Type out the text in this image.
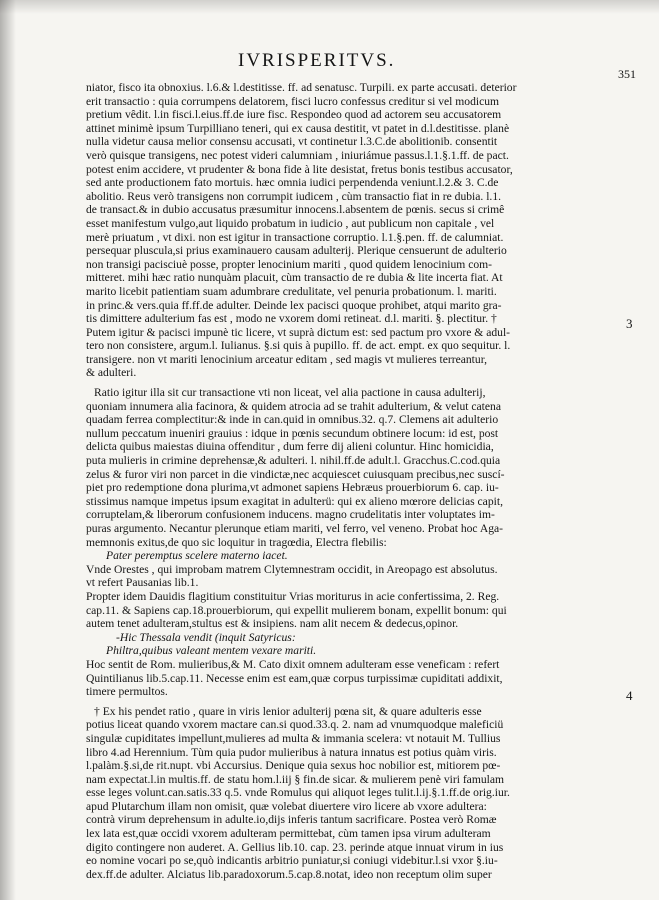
IVRISPERITVS.
351
3
4
niator, fisco ita obnoxius. l.6.& l.destitisse. ff. ad senatusc. Turpili. ex parte accusati. deterior
erit transactio : quia corrumpens delatorem, fisci lucro confessus creditur si vel modicum
pretium vêdit. l.in fisci.l.eius.ff.de iure fisc. Respondeo quod ad actorem seu accusatorem
attinet minimè ipsum Turpilliano teneri, qui ex causa destitit, vt patet in d.l.destitisse. planè
nulla videtur causa melior consensu accusati, vt continetur l.3.C.de abolitionib. consentit
verò quisque transigens, nec potest videri calumniam , iniuriámue passus.l.1.§.1.ff. de pact.
potest enim accidere, vt prudenter & bona fide à lite desistat, fretus bonis testibus accusator,
sed ante productionem fato mortuis. hæc omnia iudici perpendenda veniunt.l.2.& 3. C.de
abolitio. Reus verò transigens non corrumpit iudicem , cùm transactio fiat in re dubia. l.1.
de transact.& in dubio accusatus præsumitur innocens.l.absentem de pœnis. secus si crimê
esset manifestum vulgo,aut liquido probatum in iudicio , aut publicum non capitale , vel
merè priuatum , vt dixi. non est igitur in transactione corruptio. l.1.§.pen. ff. de calumniat.
persequar pluscula,si prius examinauero causam adulterij. Plerique censuerunt de adulterio
non transigi pacisciuè posse, propter lenocinium mariti , quod quidem lenocinium com-
mitteret. mihi hæc ratio nunquàm placuit, cùm transactio de re dubia & lite incerta fiat. At
marito licebit patientiam suam adumbrare credulitate, vel penuria probationum. l. mariti.
in princ.& vers.quia ff.ff.de adulter. Deinde lex pacisci quoque prohibet, atqui marito gra-
tis dimittere adulterium fas est , modo ne vxorem domi retineat. d.l. mariti. §. plectitur. †
Putem igitur & pacisci impunè tic licere, vt suprà dictum est: sed pactum pro vxore & adul-
tero non consistere, argum.l. Iulianus. §.si quis à pupillo. ff. de act. empt. ex quo sequitur. l.
transigere. non vt mariti lenocinium arceatur editam , sed magis vt mulieres terreantur,
& adulteri.
Ratio igitur illa sit cur transactione vti non liceat, vel alia pactione in causa adulterij,
quoniam innumera alia facinora, & quidem atrocia ad se trahit adulterium, & velut catena
quadam ferrea complectitur:& inde in can.quid in omnibus.32. q.7. Clemens ait adulterio
nullum peccatum inueniri grauius : idque in pœnis secundum obtinere locum: id est, post
delicta quibus maiestas diuina offenditur , dum ferre dij alieni coluntur. Hinc homicidia,
puta mulieris in crimine deprehensæ,& adulteri. l. nihil.ff.de adult.l. Gracchus.C.cod.quia
zelus & furor viri non parcet in die vindictæ,nec acquiescet cuiusquam precibus,nec suscí-
piet pro redemptione dona plurima,vt admonet sapiens Hebræus prouerbiorum 6. cap. iu-
stissimus namque impetus ipsum exagitat in adulterü: qui ex alieno mœrore delicias capit,
corruptelam,& liberorum confusionem inducens. magno crudelitatis inter voluptates im-
puras argumento. Necantur plerunque etiam mariti, vel ferro, vel veneno. Probat hoc Aga-
memnonis exitus,de quo sic loquitur in tragœdia, Electra flebilis:
Pater peremptus scelere materno iacet.
Vnde Orestes , qui improbam matrem Clytemnestram occidit, in Areopago est absolutus.
vt refert Pausanias lib.1.
Propter idem Dauidis flagitium constituitur Vrias moriturus in acie confertissima, 2. Reg.
cap.11. & Sapiens cap.18.prouerbiorum, qui expellit mulierem bonam, expellit bonum: qui
autem tenet adulteram,stultus est & insipiens. nam alit necem & dedecus,opinor.
-Hic Thessala vendit (inquit Satyricus:
Philtra,quibus valeant mentem vexare mariti.
Hoc sentit de Rom. mulieribus,& M. Cato dixit omnem adulteram esse veneficam : refert
Quintilianus lib.5.cap.11. Necesse enim est eam,quæ corpus turpissimæ cupiditati addixit,
timere permultos.
† Ex his pendet ratio , quare in viris lenior adulterij pœna sit, & quare adulteris esse
potius liceat quando vxorem mactare can.si quod.33.q. 2. nam ad vnumquodque maleficiü
singulæ cupiditates impellunt,mulieres ad multa & immania scelera: vt notauit M. Tullius
libro 4.ad Herennium. Tùm quia pudor mulieribus à natura innatus est potius quàm viris.
l.palàm.§.si,de rit.nupt. vbi Accursius. Denique quia sexus hoc nobilior est, mitiorem pœ-
nam expectat.l.in multis.ff. de statu hom.l.iij § fin.de sicar. & mulierem penè viri famulam
esse leges volunt.can.satis.33 q.5. vnde Romulus qui aliquot leges tulit.l.ij.§.1.ff.de orig.iur.
apud Plutarchum illam non omisit, quæ volebat diuertere viro licere ab vxore adultera:
contrà virum deprehensum in adulte.io,dijs inferis tantum sacrificare. Postea verò Romæ
lex lata est,quæ occidi vxorem adulteram permittebat, cùm tamen ipsa virum adulteram
digito contingere non auderet. A. Gellius lib.10. cap. 23. perinde atque innuat virum in ius
eo nomine vocari po se,quò indicantis arbitrio puniatur,si coniugi videbitur.l.si vxor §.iu-
dex.ff.de adulter. Alciatus lib.paradoxorum.5.cap.8.notat, ideo non receptum olim super
